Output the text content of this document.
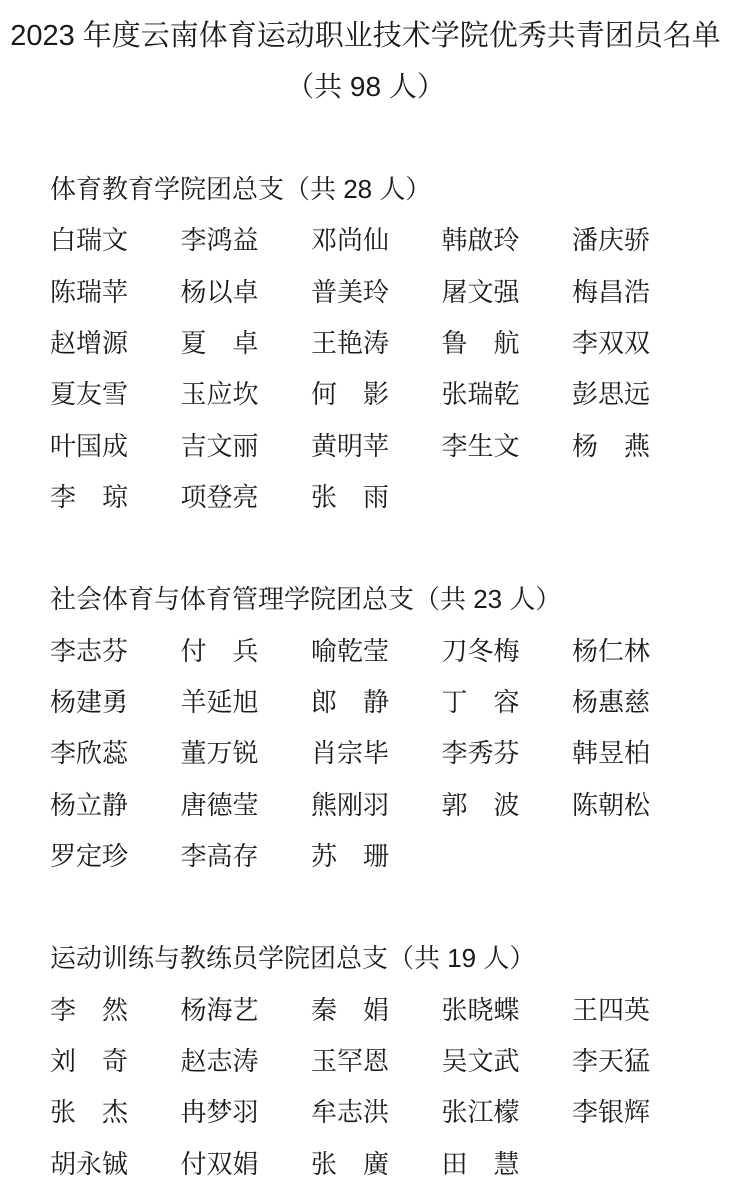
2023 年度云南体育运动职业技术学院优秀共青团员名单
（共 98 人）
体育教育学院团总支（共 28 人）
白瑞文	李鸿益	邓尚仙	韩啟玲	潘庆骄
陈瑞苹	杨以卓	普美玲	屠文强	梅昌浩
赵增源	夏　卓	王艳涛	鲁　航	李双双
夏友雪	玉应坎	何　影	张瑞乾	彭思远
叶国成	吉文丽	黄明苹	李生文	杨　燕
李　琼	项登亮	张　雨
社会体育与体育管理学院团总支（共 23 人）
李志芬	付　兵	喻乾莹	刀冬梅	杨仁林
杨建勇	羊延旭	郎　静	丁　容	杨惠慈
李欣蕊	董万锐	肖宗毕	李秀芬	韩昱柏
杨立静	唐德莹	熊刚羽	郭　波	陈朝松
罗定珍	李高存	苏　珊
运动训练与教练员学院团总支（共 19 人）
李　然	杨海艺	秦　娟	张晓蝶	王四英
刘　奇	赵志涛	玉罕恩	吴文武	李天猛
张　杰	冉梦羽	牟志洪	张江檬	李银辉
胡永铖	付双娟	张　廣	田　慧
